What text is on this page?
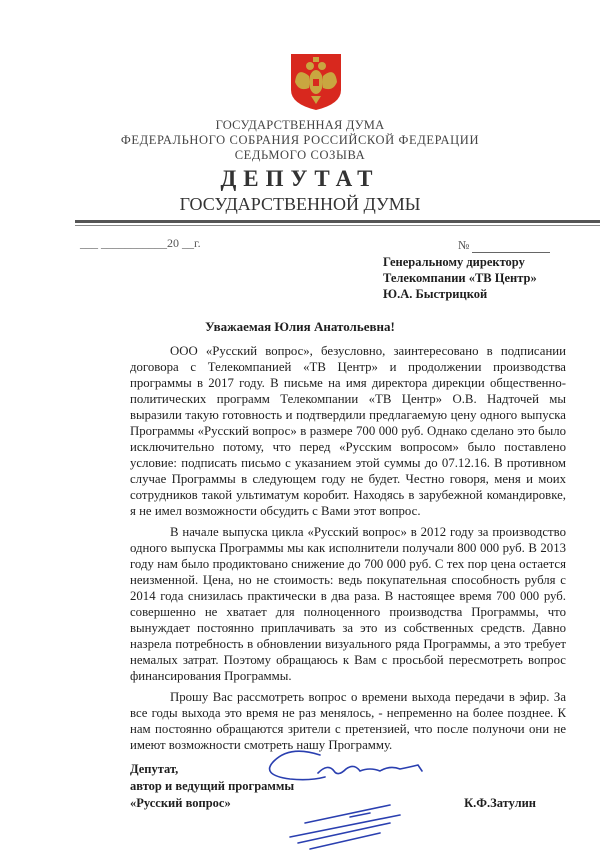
ГОСУДАРСТВЕННАЯ ДУМА
ФЕДЕРАЛЬНОГО СОБРАНИЯ РОССИЙСКОЙ ФЕДЕРАЦИИ
СЕДЬМОГО СОЗЫВА
ДЕПУТАТ
ГОСУДАРСТВЕННОЙ ДУМЫ
___ ___________20 __г.	№
Генеральному директору
Телекомпании «ТВ Центр»
Ю.А. Быстрицкой
Уважаемая Юлия Анатольевна!

ООО «Русский вопрос», безусловно, заинтересовано в подписании договора с Телекомпанией «ТВ Центр» и продолжении производства программы в 2017 году. В письме на имя директора дирекции общественно-политических программ Телекомпании «ТВ Центр» О.В. Надточей мы выразили такую готовность и подтвердили предлагаемую цену одного выпуска Программы «Русский вопрос» в размере 700 000 руб. Однако сделано это было исключительно потому, что перед «Русским вопросом» было поставлено условие: подписать письмо с указанием этой суммы до 07.12.16. В противном случае Программы в следующем году не будет. Честно говоря, меня и моих сотрудников такой ультиматум коробит. Находясь в зарубежной командировке, я не имел возможности обсудить с Вами этот вопрос.

В начале выпуска цикла «Русский вопрос» в 2012 году за производство одного выпуска Программы мы как исполнители получали 800 000 руб. В 2013 году нам было продиктовано снижение до 700 000 руб. С тех пор цена остается неизменной. Цена, но не стоимость: ведь покупательная способность рубля с 2014 года снизилась практически в два раза. В настоящее время 700 000 руб. совершенно не хватает для полноценного производства Программы, что вынуждает постоянно приплачивать за это из собственных средств. Давно назрела потребность в обновлении визуального ряда Программы, а это требует немалых затрат. Поэтому обращаюсь к Вам с просьбой пересмотреть вопрос финансирования Программы.

Прошу Вас рассмотреть вопрос о времени выхода передачи в эфир. За все годы выхода это время не раз менялось, - непременно на более позднее. К нам постоянно обращаются зрители с претензией, что после полуночи они не имеют возможности смотреть нашу Программу.

Депутат,
автор и ведущий программы
«Русский вопрос»	К.Ф.Затулин
